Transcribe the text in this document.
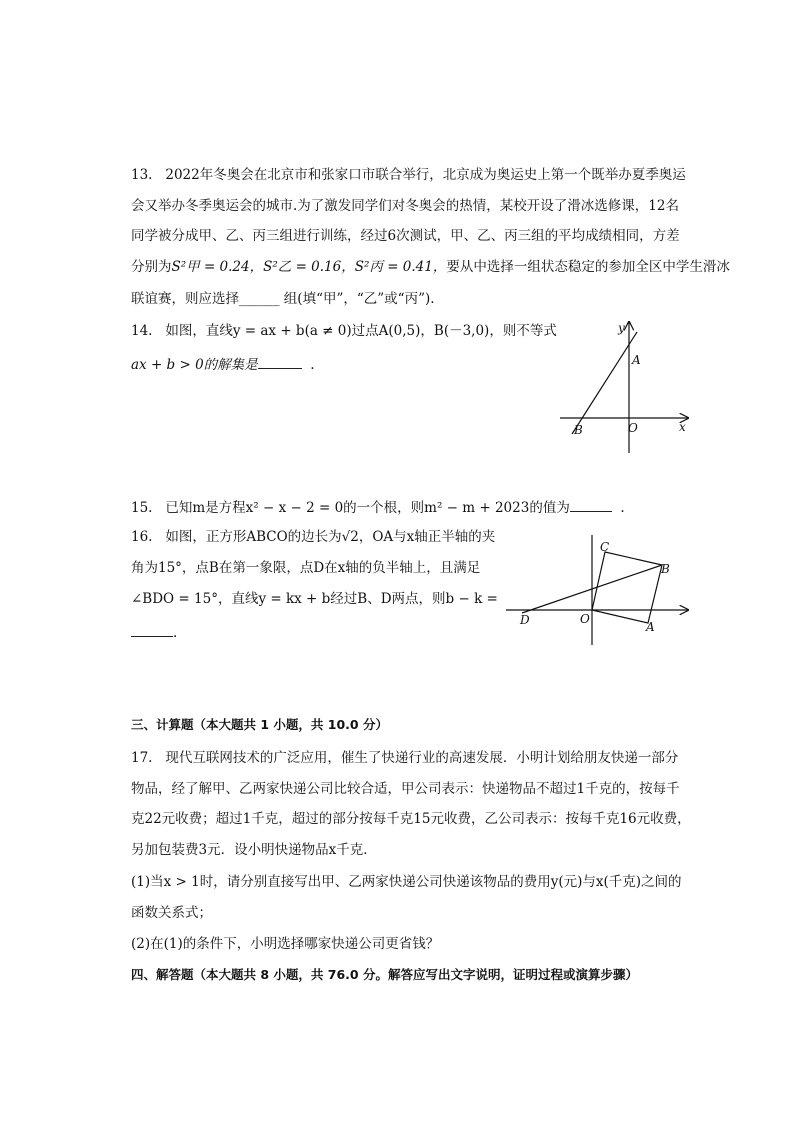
13. 2022年冬奥会在北京市和张家口市联合举行，北京成为奥运史上第一个既举办夏季奥运
会又举办冬季奥运会的城市.为了激发同学们对冬奥会的热情，某校开设了滑冰选修课，12名
同学被分成甲、乙、丙三组进行训练，经过6次测试，甲、乙、丙三组的平均成绩相同，方差
分别为S²甲 = 0.24，S²乙 = 0.16，S²丙 = 0.41，要从中选择一组状态稳定的参加全区中学生滑冰
联谊赛，则应选择______ 组(填“甲”，“乙”或“丙”).
14. 如图，直线y = ax + b(a ≠ 0)过点A(0,5)，B(－3,0)，则不等式
ax + b > 0的解集是	.
y
x
A
B	O
15. 已知m是方程x² − x − 2 = 0的一个根，则m² − m + 2023的值为	.
16. 如图，正方形ABCO的边长为√2，OA与x轴正半轴的夹
角为15°，点B在第一象限，点D在x轴的负半轴上，且满足
∠BDO = 15°，直线y = kx + b经过B、D两点，则b − k =
.
C
B
D	O
A
三、计算题（本大题共 1 小题，共 10.0 分）
17. 现代互联网技术的广泛应用，催生了快递行业的高速发展．小明计划给朋友快递一部分
物品，经了解甲、乙两家快递公司比较合适，甲公司表示：快递物品不超过1千克的，按每千
克22元收费；超过1千克，超过的部分按每千克15元收费，乙公司表示：按每千克16元收费，
另加包装费3元．设小明快递物品x千克．
(1)当x > 1时，请分别直接写出甲、乙两家快递公司快递该物品的费用y(元)与x(千克)之间的
函数关系式；
(2)在(1)的条件下，小明选择哪家快递公司更省钱？
四、解答题（本大题共 8 小题，共 76.0 分。解答应写出文字说明，证明过程或演算步骤）
